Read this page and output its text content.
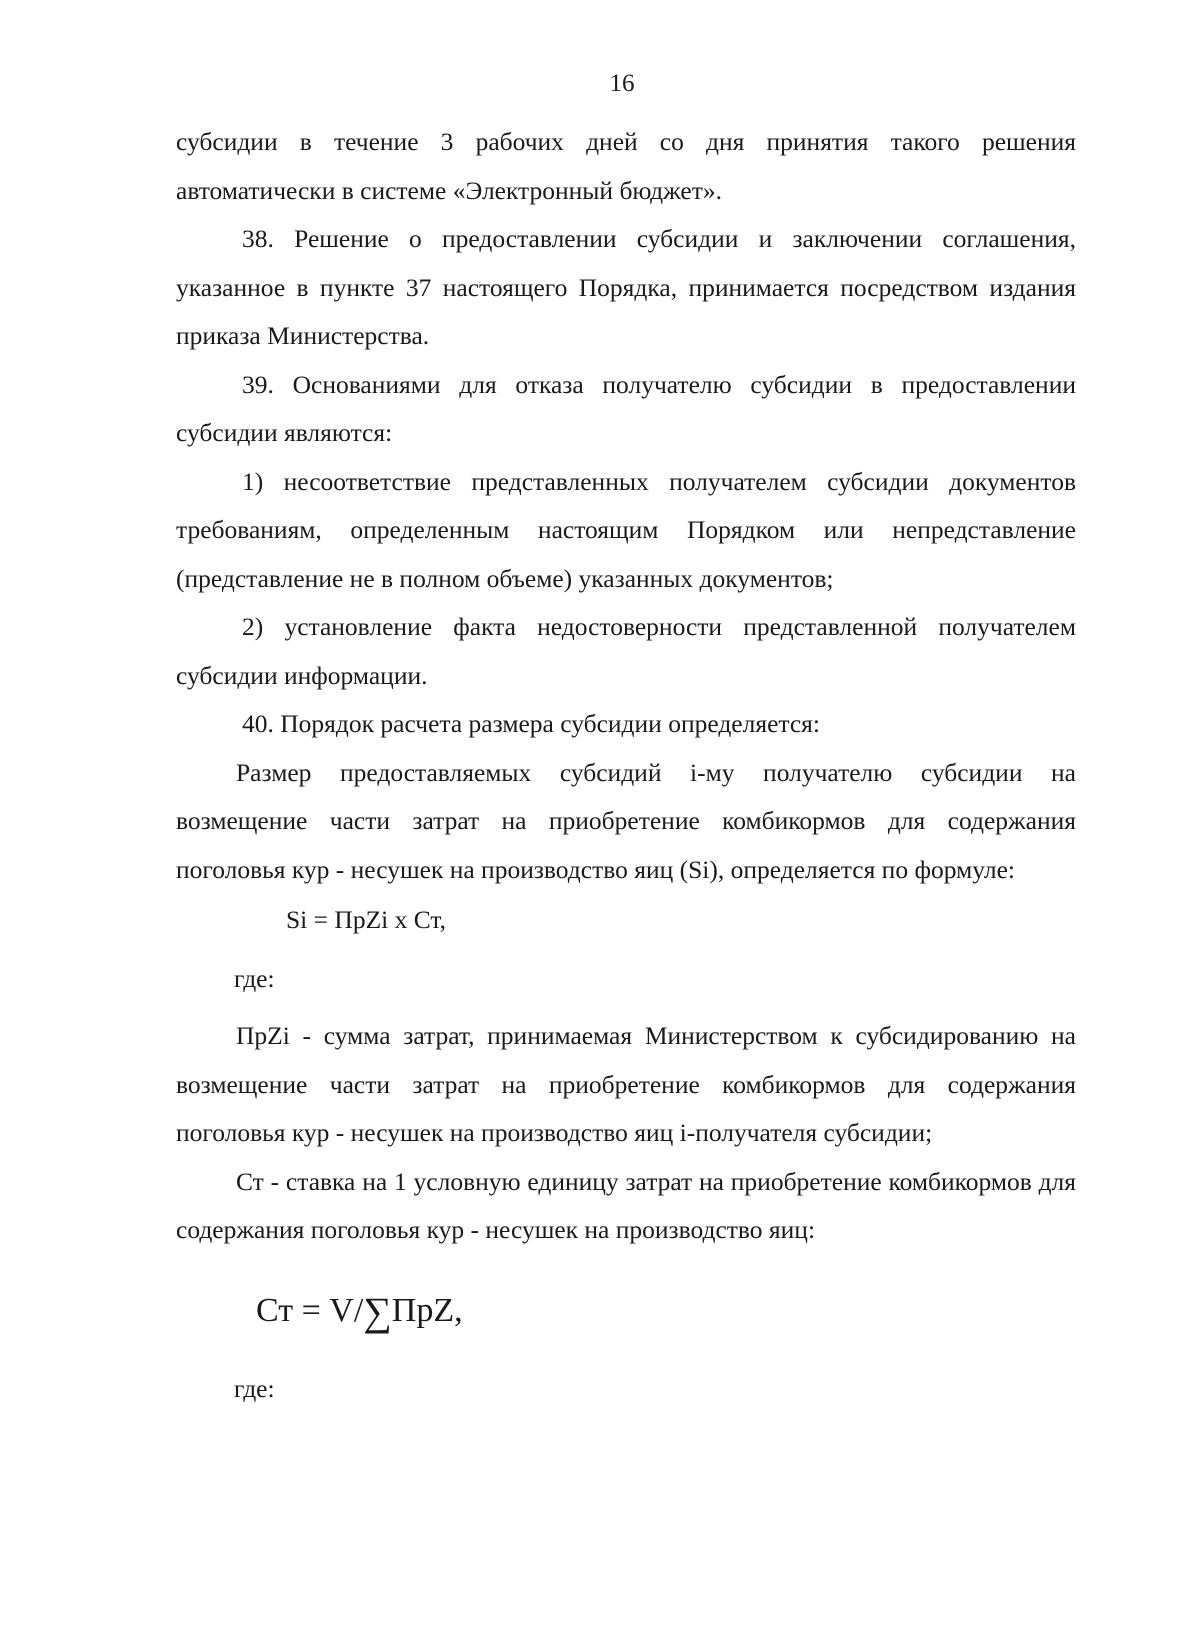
16

субсидии в течение 3 рабочих дней со дня принятия такого решения автоматически в системе «Электронный бюджет».

38. Решение о предоставлении субсидии и заключении соглашения, указанное в пункте 37 настоящего Порядка, принимается посредством издания приказа Министерства.

39. Основаниями для отказа получателю субсидии в предоставлении субсидии являются:

1) несоответствие представленных получателем субсидии документов требованиям, определенным настоящим Порядком или непредставление (представление не в полном объеме) указанных документов;

2) установление факта недостоверности представленной получателем субсидии информации.

40. Порядок расчета размера субсидии определяется:

Размер предоставляемых субсидий i-му получателю субсидии на возмещение части затрат на приобретение комбикормов для содержания поголовья кур - несушек на производство яиц (Si), определяется по формуле:

Si = ПрZi x Ст,

где:

ПрZi - сумма затрат, принимаемая Министерством к субсидированию на возмещение части затрат на приобретение комбикормов для содержания поголовья кур - несушек на производство яиц i-получателя субсидии;

Ст - ставка на 1 условную единицу затрат на приобретение комбикормов для содержания поголовья кур - несушек на производство яиц:

Ст = V/∑ПрZ,

где:
